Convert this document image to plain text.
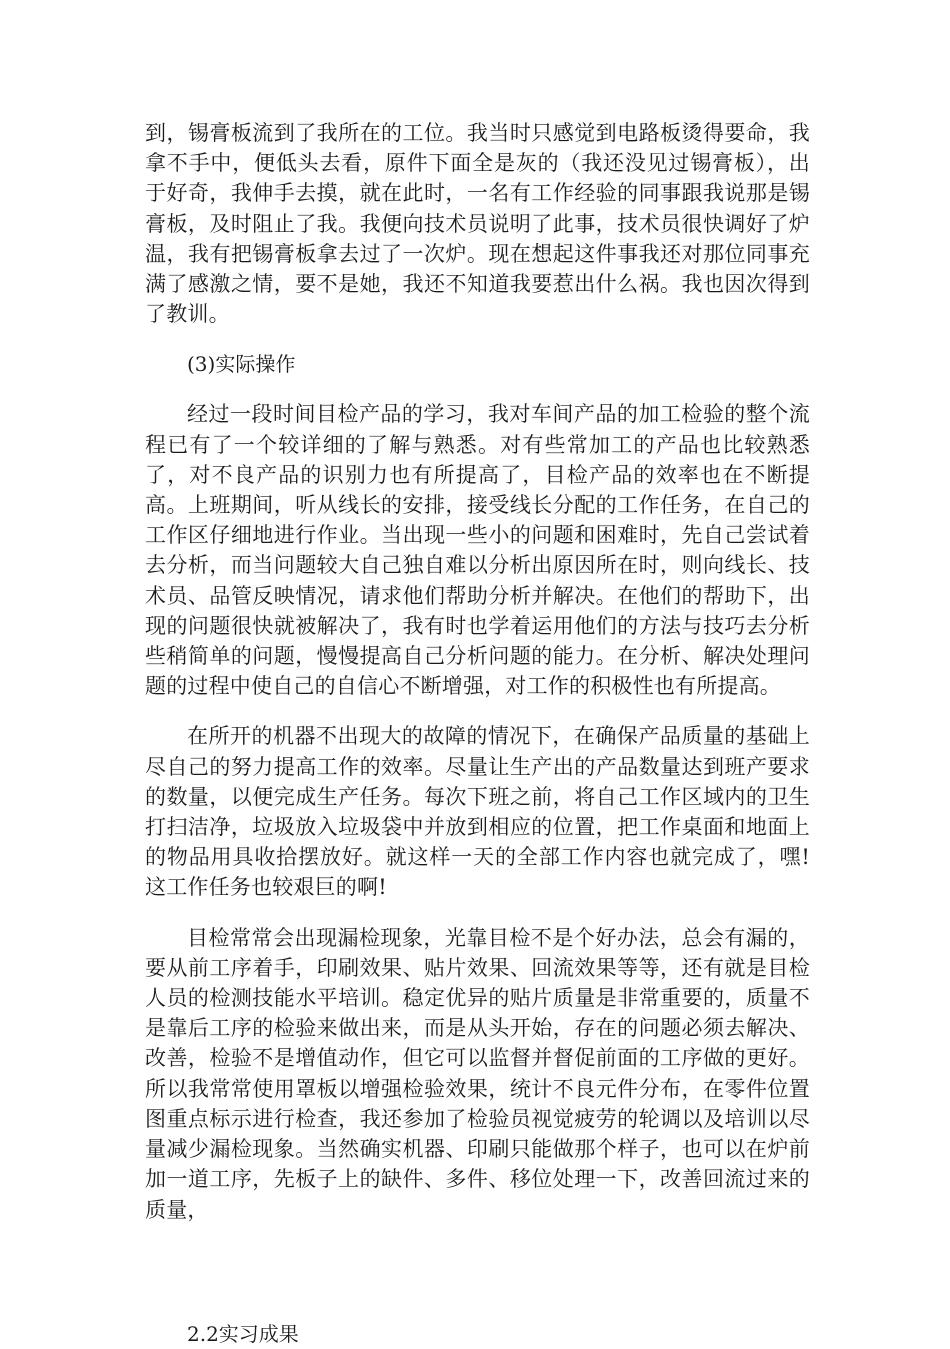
到，锡膏板流到了我所在的工位。我当时只感觉到电路板烫得要命，我拿不手中，便低头去看，原件下面全是灰的（我还没见过锡膏板），出于好奇，我伸手去摸，就在此时，一名有工作经验的同事跟我说那是锡膏板，及时阻止了我。我便向技术员说明了此事，技术员很快调好了炉温，我有把锡膏板拿去过了一次炉。现在想起这件事我还对那位同事充满了感激之情，要不是她，我还不知道我要惹出什么祸。我也因次得到了教训。

(3)实际操作

经过一段时间目检产品的学习，我对车间产品的加工检验的整个流程已有了一个较详细的了解与熟悉。对有些常加工的产品也比较熟悉了，对不良产品的识别力也有所提高了，目检产品的效率也在不断提高。上班期间，听从线长的安排，接受线长分配的工作任务，在自己的工作区仔细地进行作业。当出现一些小的问题和困难时，先自己尝试着去分析，而当问题较大自己独自难以分析出原因所在时，则向线长、技术员、品管反映情况，请求他们帮助分析并解决。在他们的帮助下，出现的问题很快就被解决了，我有时也学着运用他们的方法与技巧去分析些稍简单的问题，慢慢提高自己分析问题的能力。在分析、解决处理问题的过程中使自己的自信心不断增强，对工作的积极性也有所提高。

在所开的机器不出现大的故障的情况下，在确保产品质量的基础上尽自己的努力提高工作的效率。尽量让生产出的产品数量达到班产要求的数量，以便完成生产任务。每次下班之前，将自己工作区域内的卫生打扫洁净，垃圾放入垃圾袋中并放到相应的位置，把工作桌面和地面上的物品用具收拾摆放好。就这样一天的全部工作内容也就完成了，嘿!这工作任务也较艰巨的啊!

目检常常会出现漏检现象，光靠目检不是个好办法，总会有漏的，要从前工序着手，印刷效果、贴片效果、回流效果等等，还有就是目检人员的检测技能水平培训。稳定优异的贴片质量是非常重要的，质量不是靠后工序的检验来做出来，而是从头开始，存在的问题必须去解决、改善，检验不是增值动作，但它可以监督并督促前面的工序做的更好。所以我常常使用罩板以增强检验效果，统计不良元件分布，在零件位置图重点标示进行检查，我还参加了检验员视觉疲劳的轮调以及培训以尽量减少漏检现象。当然确实机器、印刷只能做那个样子，也可以在炉前加一道工序，先板子上的缺件、多件、移位处理一下，改善回流过来的质量，

2.2实习成果
